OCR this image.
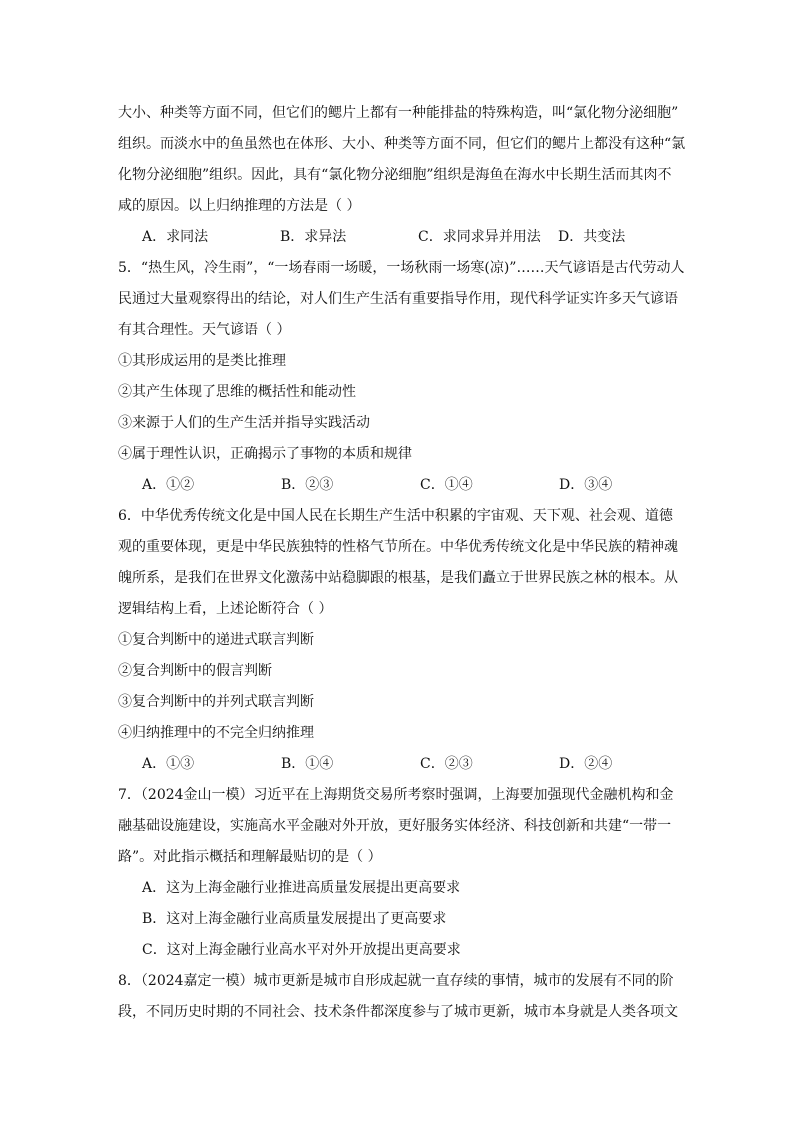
大小、种类等方面不同，但它们的鳃片上都有一种能排盐的特殊构造，叫“氯化物分泌细胞”
组织。而淡水中的鱼虽然也在体形、大小、种类等方面不同，但它们的鳃片上都没有这种“氯
化物分泌细胞”组织。因此，具有“氯化物分泌细胞”组织是海鱼在海水中长期生活而其肉不
咸的原因。以上归纳推理的方法是（ ）
A．求同法	B．求异法	C．求同求异并用法 D．共变法
5．“热生风，冷生雨”，“一场春雨一场暖，一场秋雨一场寒(凉)”……天气谚语是古代劳动人
民通过大量观察得出的结论，对人们生产生活有重要指导作用，现代科学证实许多天气谚语
有其合理性。天气谚语（ ）
①其形成运用的是类比推理
②其产生体现了思维的概括性和能动性
③来源于人们的生产生活并指导实践活动
④属于理性认识，正确揭示了事物的本质和规律
A．①②	B．②③	C．①④	D．③④
6．中华优秀传统文化是中国人民在长期生产生活中积累的宇宙观、天下观、社会观、道德
观的重要体现，更是中华民族独特的性格气节所在。中华优秀传统文化是中华民族的精神魂
魄所系，是我们在世界文化激荡中站稳脚跟的根基，是我们矗立于世界民族之林的根本。从
逻辑结构上看，上述论断符合（ ）
①复合判断中的递进式联言判断
②复合判断中的假言判断
③复合判断中的并列式联言判断
④归纳推理中的不完全归纳推理
A．①③	B．①④	C．②③	D．②④
7．（2024金山一模）习近平在上海期货交易所考察时强调，上海要加强现代金融机构和金
融基础设施建设，实施高水平金融对外开放，更好服务实体经济、科技创新和共建“一带一
路”。对此指示概括和理解最贴切的是（ ）
A．这为上海金融行业推进高质量发展提出更高要求
B．这对上海金融行业高质量发展提出了更高要求
C．这对上海金融行业高水平对外开放提出更高要求
8．（2024嘉定一模）城市更新是城市自形成起就一直存续的事情，城市的发展有不同的阶
段，不同历史时期的不同社会、技术条件都深度参与了城市更新，城市本身就是人类各项文
